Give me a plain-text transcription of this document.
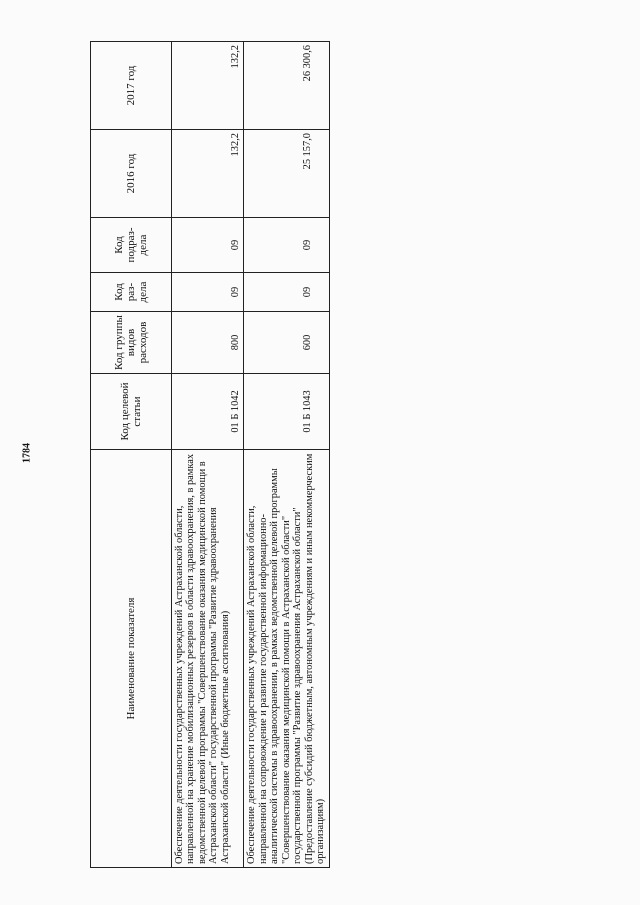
1784
Наименование показателя	Код целевой статьи	Код группы видов расходов	Код раз-дела	Код подраз-дела	2016 год	2017 год
Обеспечение деятельности государственных учреждений Астраханской области, направленной на хранение мобилизационных резервов в области здравоохранения, в рамках ведомственной целевой программы "Совершенствование оказания медицинской помощи в Астраханской области" государственной программы "Развитие здравоохранения Астраханской области" (Иные бюджетные ассигнования)	01 Б 1042	800	09	09	132,2	132,2
Обеспечение деятельности государственных учреждений Астраханской области, направленной на сопровождение и развитие государственной информационно-аналитической системы в здравоохранении, в рамках ведомственной целевой программы "Совершенствование оказания медицинской помощи в Астраханской области" государственной программы "Развитие здравоохранения Астраханской области" (Предоставление субсидий бюджетным, автономным учреждениям и иным некоммерческим организациям)	01 Б 1043	600	09	09	25 157,0	26 300,6
